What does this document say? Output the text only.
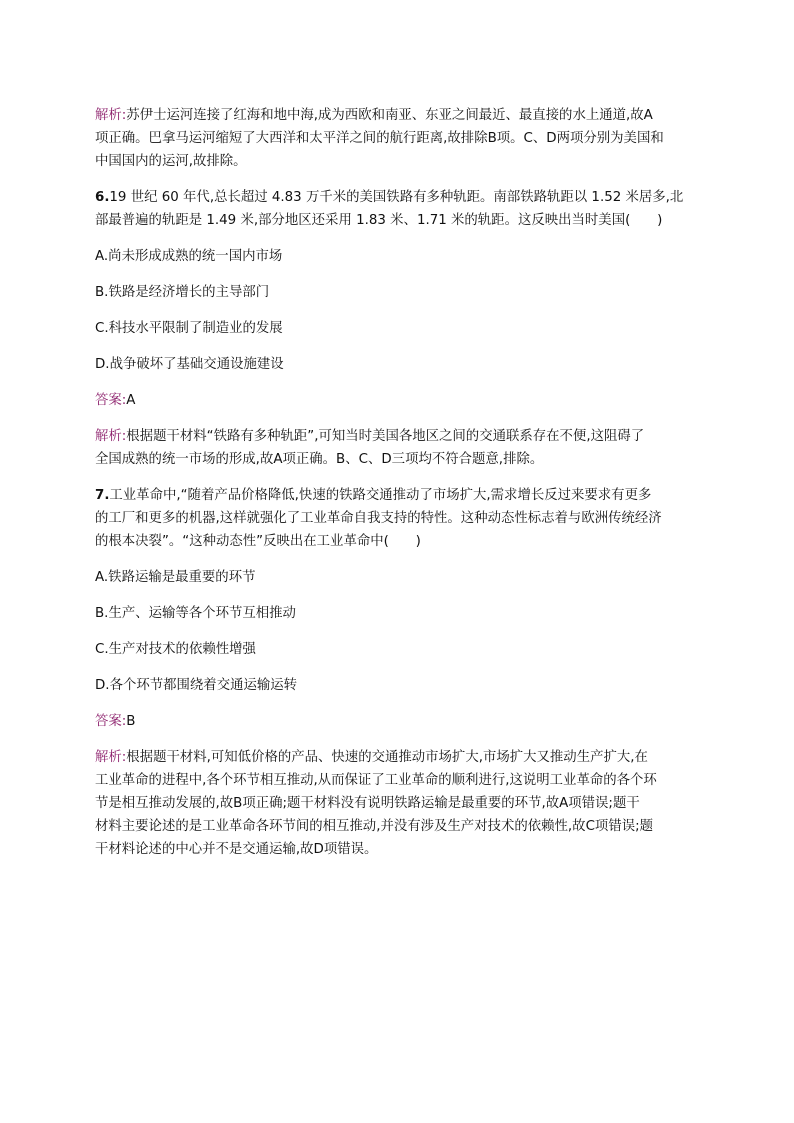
解析:苏伊士运河连接了红海和地中海,成为西欧和南亚、东亚之间最近、最直接的水上通道,故A
项正确。巴拿马运河缩短了大西洋和太平洋之间的航行距离,故排除B项。C、D两项分别为美国和
中国国内的运河,故排除。
6.19 世纪 60 年代,总长超过 4.83 万千米的美国铁路有多种轨距。南部铁路轨距以 1.52 米居多,北
部最普遍的轨距是 1.49 米,部分地区还采用 1.83 米、1.71 米的轨距。这反映出当时美国(　　)
A.尚未形成成熟的统一国内市场
B.铁路是经济增长的主导部门
C.科技水平限制了制造业的发展
D.战争破坏了基础交通设施建设
答案:A
解析:根据题干材料“铁路有多种轨距”,可知当时美国各地区之间的交通联系存在不便,这阻碍了
全国成熟的统一市场的形成,故A项正确。B、C、D三项均不符合题意,排除。
7.工业革命中,“随着产品价格降低,快速的铁路交通推动了市场扩大,需求增长反过来要求有更多
的工厂和更多的机器,这样就强化了工业革命自我支持的特性。这种动态性标志着与欧洲传统经济
的根本决裂”。“这种动态性”反映出在工业革命中(　　)
A.铁路运输是最重要的环节
B.生产、运输等各个环节互相推动
C.生产对技术的依赖性增强
D.各个环节都围绕着交通运输运转
答案:B
解析:根据题干材料,可知低价格的产品、快速的交通推动市场扩大,市场扩大又推动生产扩大,在
工业革命的进程中,各个环节相互推动,从而保证了工业革命的顺利进行,这说明工业革命的各个环
节是相互推动发展的,故B项正确;题干材料没有说明铁路运输是最重要的环节,故A项错误;题干
材料主要论述的是工业革命各环节间的相互推动,并没有涉及生产对技术的依赖性,故C项错误;题
干材料论述的中心并不是交通运输,故D项错误。
